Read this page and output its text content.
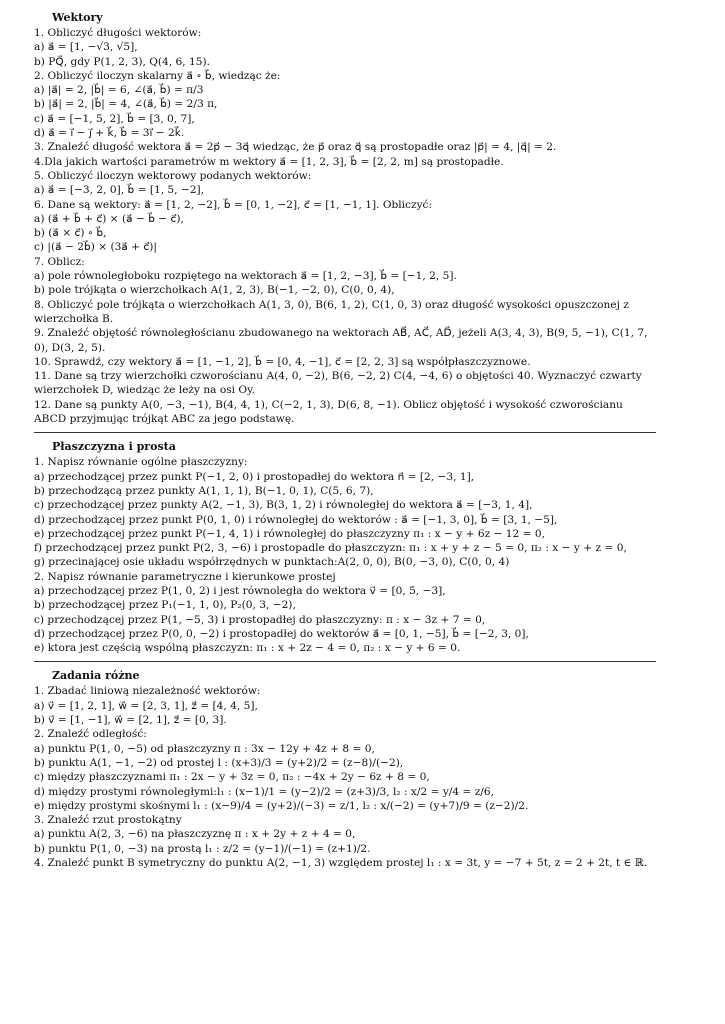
Wektory
1. Obliczyć długości wektorów:
a) a⃗ = [1, −√3, √5],
b) PQ⃗, gdy P(1, 2, 3), Q(4, 6, 15).
2. Obliczyć iloczyn skalarny a⃗ ∘ b⃗, wiedząc że:
a) |a⃗| = 2, |b⃗| = 6, ∠(a⃗, b⃗) = π/3
b) |a⃗| = 2, |b⃗| = 4, ∠(a⃗, b⃗) = 2/3 π,
c) a⃗ = [−1, 5, 2], b⃗ = [3, 0, 7],
d) a⃗ = i⃗ − j⃗ + k⃗, b⃗ = 3i⃗ − 2k⃗.
3. Znaleźć długość wektora a⃗ = 2p⃗ − 3q⃗ wiedząc, że p⃗ oraz q⃗ są prostopadłe oraz |p⃗| = 4, |q⃗| = 2.
4.Dla jakich wartości parametrów m wektory a⃗ = [1, 2, 3], b⃗ = [2, 2, m] są prostopadłe.
5. Obliczyć iloczyn wektorowy podanych wektorów:
a) a⃗ = [−3, 2, 0], b⃗ = [1, 5, −2],
6. Dane są wektory: a⃗ = [1, 2, −2], b⃗ = [0, 1, −2], c⃗ = [1, −1, 1]. Obliczyć:
a) (a⃗ + b⃗ + c⃗) × (a⃗ − b⃗ − c⃗),
b) (a⃗ × c⃗) ∘ b⃗,
c) |(a⃗ − 2b⃗) × (3a⃗ + c⃗)|
7. Oblicz:
a) pole równoległoboku rozpiętego na wektorach a⃗ = [1, 2, −3], b⃗ = [−1, 2, 5].
b) pole trójkąta o wierzchołkach A(1, 2, 3), B(−1, −2, 0), C(0, 0, 4),
8. Obliczyć pole trójkąta o wierzchołkach A(1, 3, 0), B(6, 1, 2), C(1, 0, 3) oraz długość wysokości opuszczonej z wierzchołka B.
9. Znaleźć objętość równoległościanu zbudowanego na wektorach AB⃗, AC⃗, AD⃗, jeżeli A(3, 4, 3), B(9, 5, −1), C(1, 7, 0), D(3, 2, 5).
10. Sprawdź, czy wektory a⃗ = [1, −1, 2], b⃗ = [0, 4, −1], c⃗ = [2, 2, 3] są współpłaszczyznowe.
11. Dane są trzy wierzchołki czworościanu A(4, 0, −2), B(6, −2, 2) C(4, −4, 6) o objętości 40. Wyznaczyć czwarty wierzchołek D, wiedząc że leży na osi Oy.
12. Dane są punkty A(0, −3, −1), B(4, 4, 1), C(−2, 1, 3), D(6, 8, −1). Oblicz objętość i wysokość czworościanu ABCD przyjmując trójkąt ABC za jego podstawę.
Płaszczyzna i prosta
1. Napisz równanie ogólne płaszczyzny:
a) przechodzącej przez punkt P(−1, 2, 0) i prostopadłej do wektora n⃗ = [2, −3, 1],
b) przechodzącą przez punkty A(1, 1, 1), B(−1, 0, 1), C(5, 6, 7),
c) przechodzącej przez punkty A(2, −1, 3), B(3, 1, 2) i równoległej do wektora a⃗ = [−3, 1, 4],
d) przechodzącej przez punkt P(0, 1, 0) i równoległej do wektorów : a⃗ = [−1, 3, 0], b⃗ = [3, 1, −5],
e) przechodzącej przez punkt P(−1, 4, 1) i równoległej do płaszczyzny π₁ : x − y + 6z − 12 = 0,
f) przechodzącej przez punkt P(2, 3, −6) i prostopadle do płaszczyzn: π₁ : x + y + z − 5 = 0, π₂ : x − y + z = 0,
g) przecinającej osie układu współrzędnych w punktach:A(2, 0, 0), B(0, −3, 0), C(0, 0, 4)
2. Napisz równanie parametryczne i kierunkowe prostej
a) przechodzącej przez P(1, 0, 2) i jest równoległa do wektora v⃗ = [0, 5, −3],
b) przechodzącej przez P₁(−1, 1, 0), P₂(0, 3, −2),
c) przechodzącej przez P(1, −5, 3) i prostopadłej do płaszczyzny: π : x − 3z + 7 = 0,
d) przechodzącej przez P(0, 0, −2) i prostopadłej do wektorów a⃗ = [0, 1, −5], b⃗ = [−2, 3, 0],
e) ktora jest częścią wspólną płaszczyzn: π₁ : x + 2z − 4 = 0, π₂ : x − y + 6 = 0.
Zadania różne
1. Zbadać liniową niezależność wektorów:
a) v⃗ = [1, 2, 1], w⃗ = [2, 3, 1], z⃗ = [4, 4, 5],
b) v⃗ = [1, −1], w⃗ = [2, 1], z⃗ = [0, 3].
2. Znaleźć odległość:
a) punktu P(1, 0, −5) od płaszczyzny π : 3x − 12y + 4z + 8 = 0,
b) punktu A(1, −1, −2) od prostej l : (x+3)/3 = (y+2)/2 = (z−8)/(−2),
c) między płaszczyznami π₁ : 2x − y + 3z = 0, π₂ : −4x + 2y − 6z + 8 = 0,
d) między prostymi równoległymi:l₁ : (x−1)/1 = (y−2)/2 = (z+3)/3, l₂ : x/2 = y/4 = z/6,
e) między prostymi skośnymi l₁ : (x−9)/4 = (y+2)/(−3) = z/1, l₂ : x/(−2) = (y+7)/9 = (z−2)/2.
3. Znaleźć rzut prostokątny
a) punktu A(2, 3, −6) na płaszczyznę π : x + 2y + z + 4 = 0,
b) punktu P(1, 0, −3) na prostą l₁ : z/2 = (y−1)/(−1) = (z+1)/2.
4. Znaleźć punkt B symetryczny do punktu A(2, −1, 3) względem prostej l₁ : x = 3t, y = −7 + 5t, z = 2 + 2t, t ∈ ℝ.
